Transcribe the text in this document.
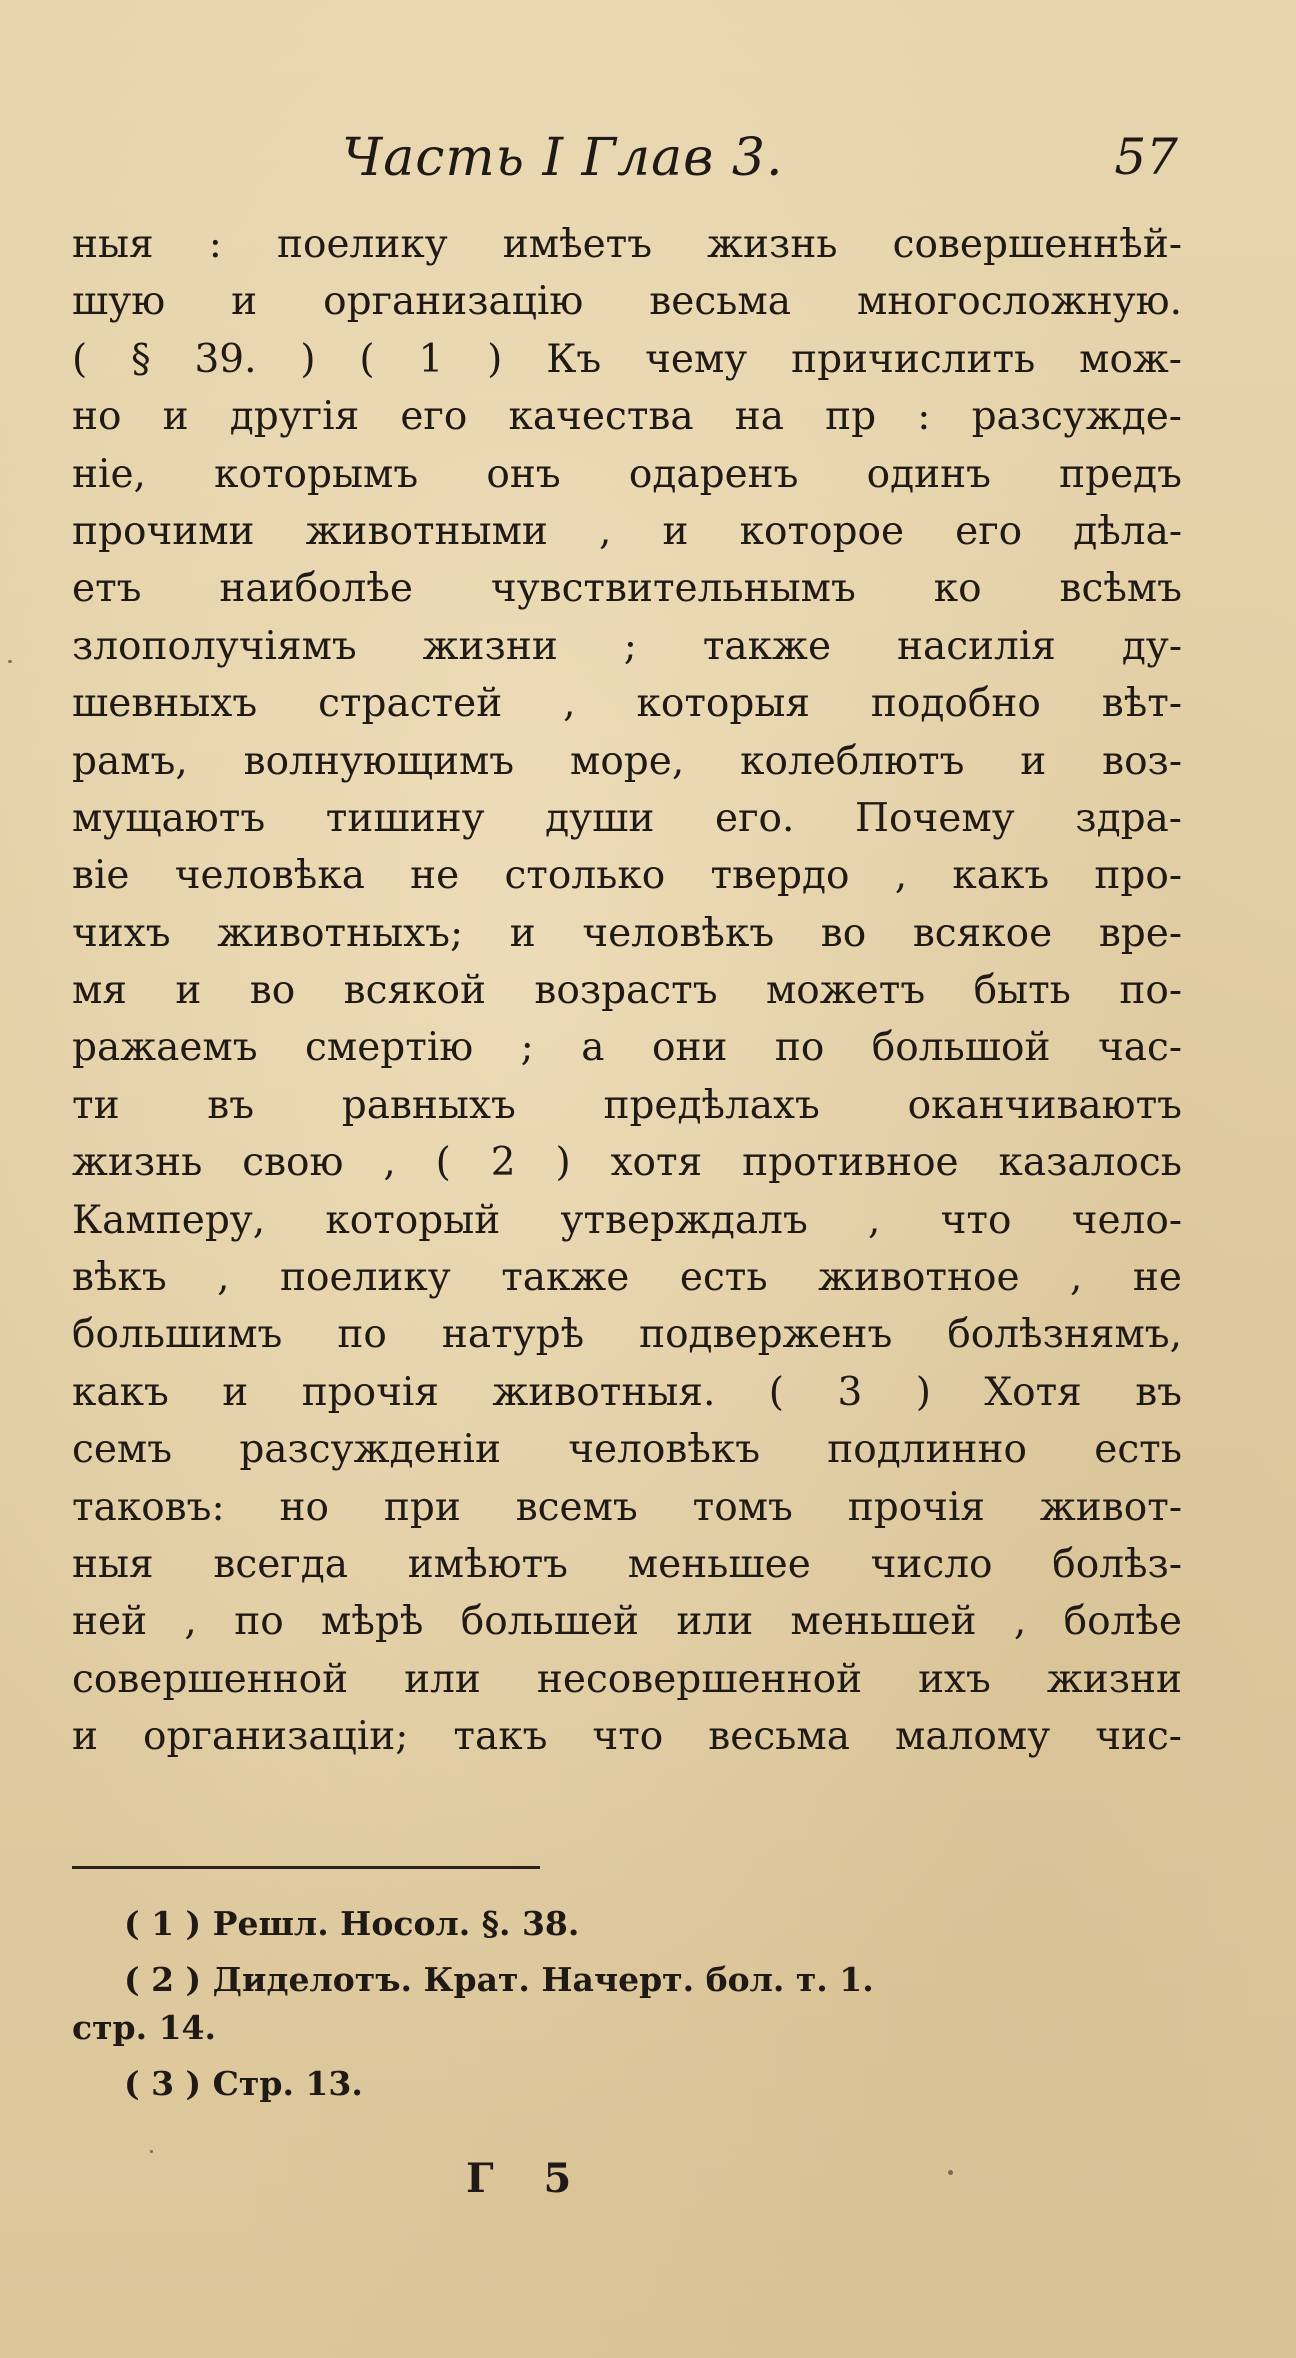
Часть I Глав 3.	57
ныя : поелику имѣетъ жизнь совершеннѣй-
шую и организацію весьма многосложную.
( § 39. ) ( 1 ) Къ чему причислить мож-
но и другія его качества на пр : разсужде-
ніе, которымъ онъ одаренъ одинъ предъ
прочими животными , и которое его дѣла-
етъ наиболѣе чувствительнымъ ко всѣмъ
злополучіямъ жизни ; также насилія ду-
шевныхъ страстей , которыя подобно вѣт-
рамъ, волнующимъ море, колеблютъ и воз-
мущаютъ тишину души его. Почему здра-
віе человѣка не столько твердо , какъ про-
чихъ животныхъ; и человѣкъ во всякое вре-
мя и во всякой возрастъ можетъ быть по-
ражаемъ смертію ; а они по большой час-
ти въ равныхъ предѣлахъ оканчиваютъ
жизнь свою , ( 2 ) хотя противное казалось
Камперу, который утверждалъ , что чело-
вѣкъ , поелику также есть животное , не
большимъ по натурѣ подверженъ болѣзнямъ,
какъ и прочія животныя. ( 3 ) Хотя въ
семъ разсужденіи человѣкъ подлинно есть
таковъ: но при всемъ томъ прочія живот-
ныя всегда имѣютъ меньшее число болѣз-
ней , по мѣрѣ большей или меньшей , болѣе
совершенной или несовершенной ихъ жизни
и организаціи; такъ что весьма малому чис-
( 1 ) Решл. Носол. §. 38.
( 2 ) Диделотъ. Крат. Начерт. бол. т. 1.
стр. 14.
( 3 ) Стр. 13.
Г 5
